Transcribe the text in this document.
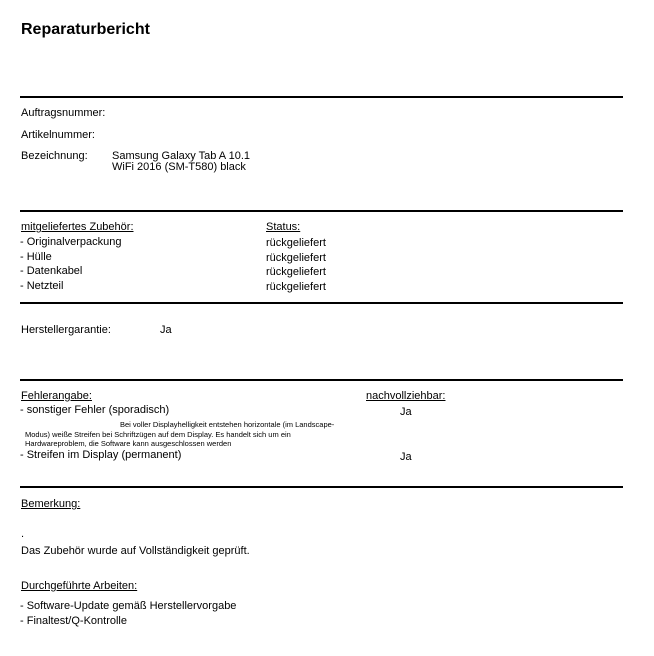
Reparaturbericht
Auftragsnummer:
Artikelnummer:
Bezeichnung: Samsung Galaxy Tab A 10.1
WiFi 2016 (SM-T580) black
mitgeliefertes Zubehör:	Status:
- Originalverpackung	rückgeliefert
- Hülle	rückgeliefert
- Datenkabel	rückgeliefert
- Netzteil	rückgeliefert
Herstellergarantie:	Ja
Fehlerangabe:	nachvollziehbar:
- sonstiger Fehler (sporadisch)	Ja
Bei voller Displayhelligkeit entstehen horizontale (im Landscape-
Modus) weiße Streifen bei Schriftzügen auf dem Display. Es handelt sich um ein
Hardwareproblem, die Software kann ausgeschlossen werden
- Streifen im Display (permanent)	Ja
Bemerkung:
.
Das Zubehör wurde auf Vollständigkeit geprüft.
Durchgeführte Arbeiten:
- Software-Update gemäß Herstellervorgabe
- Finaltest/Q-Kontrolle
